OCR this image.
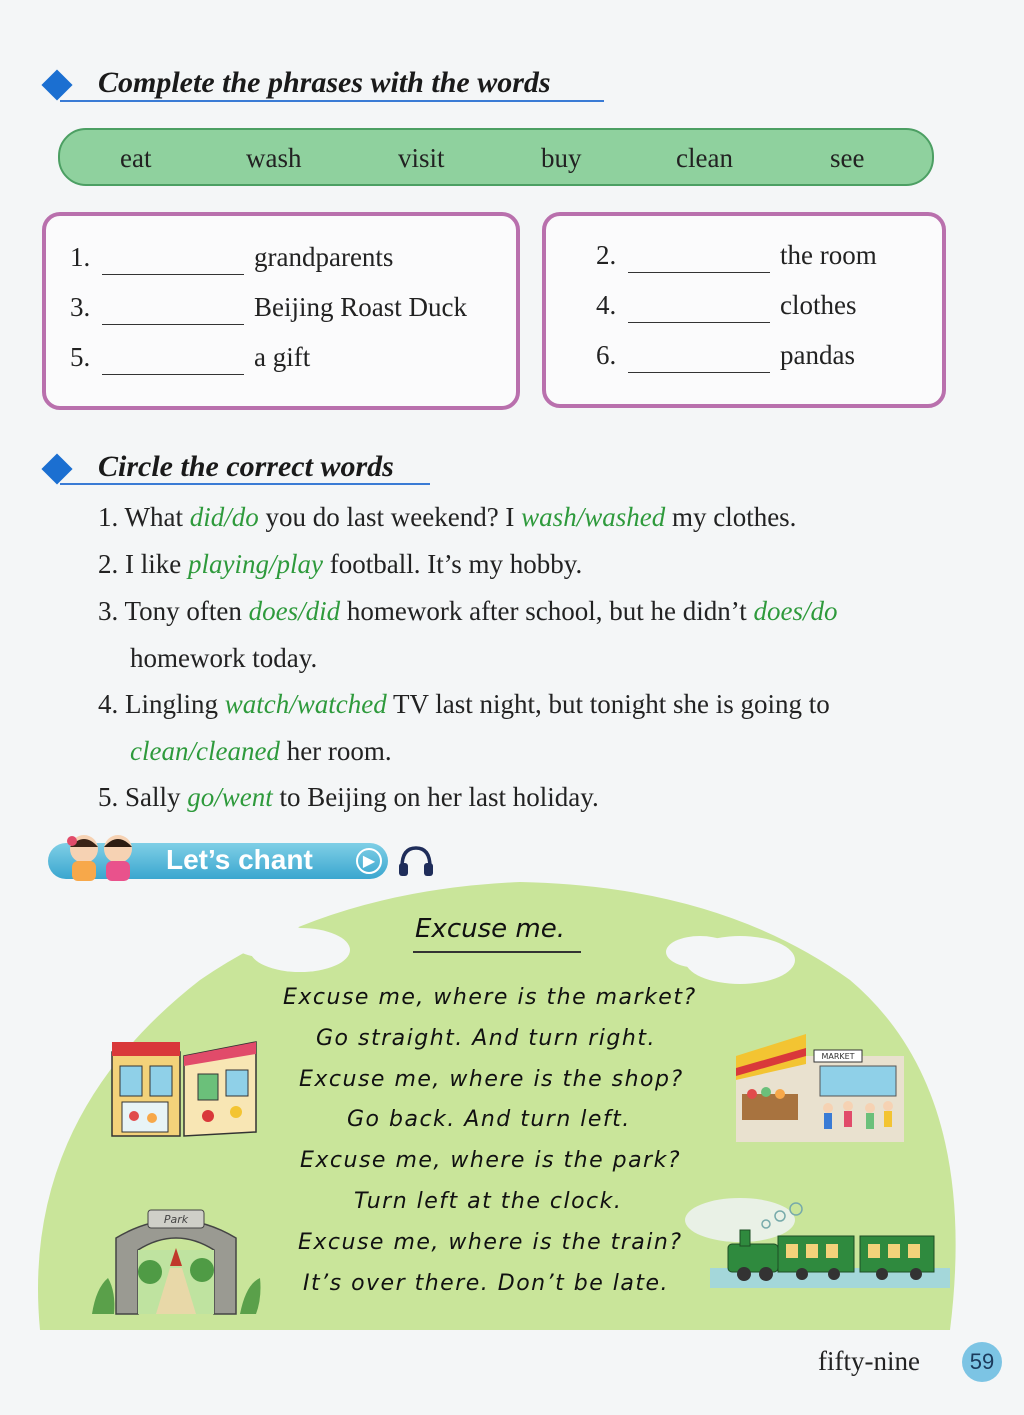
Complete the phrases with the words
eat	wash	visit	buy	clean	see
1.	grandparents
3.	Beijing Roast Duck
5.	a gift
2.	the room
4.	clothes
6.	pandas
Circle the correct words
1. What did/do you do last weekend? I wash/washed my clothes.
2. I like playing/play football. It’s my hobby.
3. Tony often does/did homework after school, but he didn’t does/do
homework today.
4. Lingling watch/watched TV last night, but tonight she is going to
clean/cleaned her room.
5. Sally go/went to Beijing on her last holiday.
Let’s chant	▶
Excuse me.
Excuse me, where is the market?
Go straight. And turn right.
Excuse me, where is the shop?
Go back. And turn left.
Excuse me, where is the park?
Turn left at the clock.
Excuse me, where is the train?
It’s over there. Don’t be late.
MARKET
Park
fifty-nine	59
